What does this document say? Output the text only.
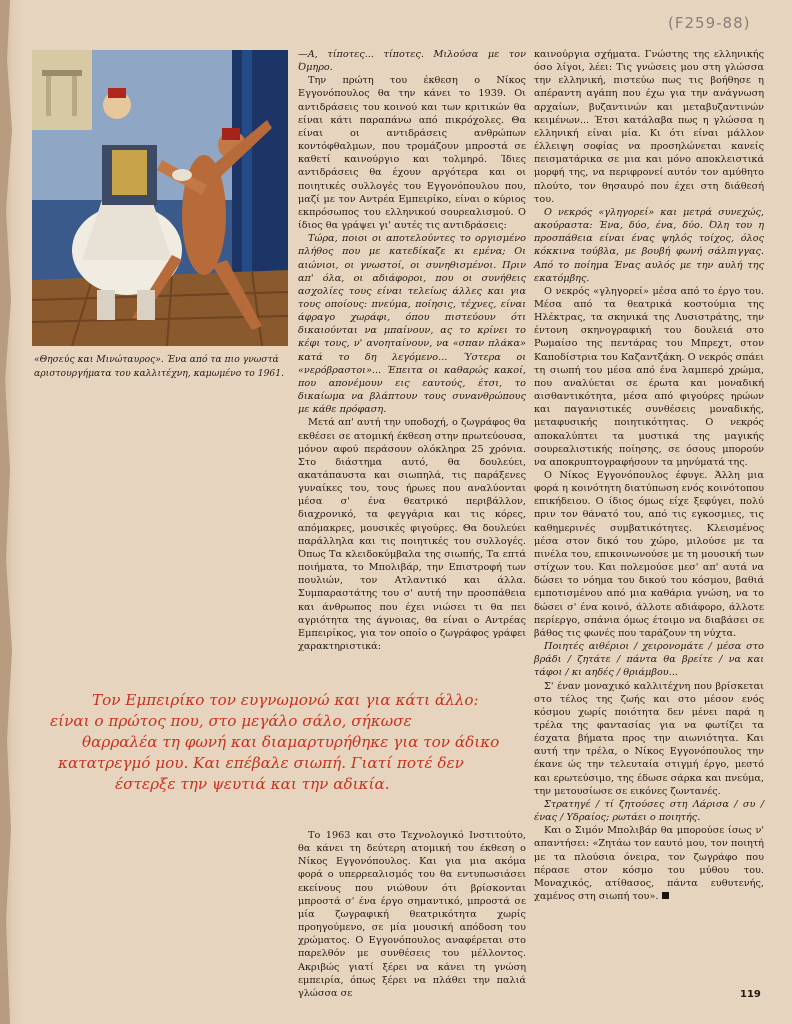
(F259-88)
«Θησεύς και Μινώταυρος». Ένα από τα πιο γνωστά αριστουργήματα του καλλιτέχνη, καμωμένο το 1961.

—Α, τίποτες... τίποτες. Μιλούσα με τον Όμηρο.

Την πρώτη του έκθεση ο Νίκος Εγγονόπουλος θα την κάνει το 1939. Οι αντιδράσεις του κοινού και των κριτικών θα είναι κάτι παραπάνω από πικρόχολες. Θα είναι οι αντιδράσεις ανθρώπων κοντόφθαλμων, που τρομάζουν μπροστά σε καθετί καινούργιο και τολμηρό. Ίδιες αντιδράσεις θα έχουν αργότερα και οι ποιητικές συλλογές του Εγγονόπουλου που, μαζί με τον Αντρέα Εμπειρίκο, είναι ο κύριος εκπρόσωπος του ελληνικού σουρεαλισμού. Ο ίδιος θα γράψει γι' αυτές τις αντιδράσεις:

Τώρα, ποιοι οι αποτελούντες το οργισμένο πλήθος που με κατεδίκαζε κι εμένα; Οι αιώνιοι, οι γνωστοί, οι συνηθισμένοι. Πριν απ' όλα, οι αδιάφοροι, που οι συνήθεις ασχολίες τους είναι τελείως άλλες και για τους οποίους: πνεύμα, ποίησις, τέχνες, είναι άφραγο χωράφι, όπου πιστεύουν ότι δικαιούνται να μπαίνουν, ας το κρίνει το κέφι τους, ν' αvοηταίνουν, να «σπαν πλάκα» κατά το δη λεγόμενο... Ύστερα οι «νερόβραστοι»... Έπειτα οι καθαρώς κακοί, που απονέμουν εις εαυτούς, έτσι, το δικαίωμα να βλάπτουν τους συνανθρώπους με κάθε πρόφαση.

Μετά απ' αυτή την υποδοχή, ο ζωγράφος θα εκθέσει σε ατομική έκθεση στην πρωτεύουσα, μόνον αφού περάσουν ολόκληρα 25 χρόνια. Στο διάστημα αυτό, θα δουλεύει, ακατάπαυστα και σιωπηλά, τις παράξενες γυναίκες του, τους ήρωες που αναλύονται μέσα σ' ένα θεατρικό περιβάλλον, διαχρονικό, τα φεγγάρια και τις κόρες, απόμακρες, μουσικές φιγούρες. Θα δουλεύει παράλληλα και τις ποιητικές του συλλογές. Όπως Τα κλειδοκύμβαλα της σιωπής, Τα επτά ποιήματα, το Μπολιβάρ, την Επιστροφή των πουλιών, τον Ατλαντικό και άλλα. Συμπαραστάτης του σ' αυτή την προσπάθεια και άνθρωπος που έχει νιώσει τι θα πει αγριότητα της άγνοιας, θα είναι ο Αντρέας Εμπειρίκος, για τον οποίο ο ζωγράφος γράφει χαρακτηριστικά:

Τον Εμπειρίκο τον ευγνωμονώ και για κάτι άλλο:
είναι ο πρώτος που, στο μεγάλο σάλο, σήκωσε
θαρραλέα τη φωνή και διαμαρτυρήθηκε για τον άδικο
κατατρεγμό μου. Και επέβαλε σιωπή. Γιατί ποτέ δεν
έστερξε την ψευτιά και την αδικία.

Το 1963 και στο Τεχνολογικό Ινστιτούτο, θα κάνει τη δεύτερη ατομική του έκθεση ο Νίκος Εγγονόπουλος. Και για μια ακόμα φορά ο υπερρεαλισμός του θα εντυπωσιάσει εκείνους που νιώθουν ότι βρίσκονται μπροστά σ' ένα έργο σημαντικό, μπροστά σε μία ζωγραφική θεατρικότητα χωρίς προηγούμενο, σε μία μουσική απόδοση του χρώματος. Ο Εγγονόπουλος αναφέρεται στο παρελθόν με συνθέσεις του μέλλοντος. Ακριβώς γιατί ξέρει να κάνει τη γνώση εμπειρία, όπως ξέρει να πλάθει την παλιά γλώσσα σε

καινούργια σχήματα. Γνώστης της ελληνικής όσο λίγοι, λέει: Τις γνώσεις μου στη γλώσσα την ελληνική, πιστεύω πως τις βοήθησε η απέραντη αγάπη που έχω για την ανάγνωση αρχαίων, βυζαντινών και μεταβυζαντινών κειμένων... Έτσι κατάλαβα πως η γλώσσα η ελληνική είναι μία. Κι ότι είναι μάλλον έλλειψη σοφίας να προσηλώνεται κανείς πεισματάρικα σε μια και μόνο αποκλειστικά μορφή της, να περιφρονεί αυτόν τον αμύθητο πλούτο, τον θησαυρό που έχει στη διάθεσή του.

Ο νεκρός «γληγορεί» και μετρά συνεχώς, ακούραστα: Ένα, δύο, ένα, δύο. Όλη του η προσπάθεια είναι ένας ψηλός τοίχος, όλος κόκκινα τούβλα, με βουβή φωνή σάλπιγγας. Από το ποίημα Ένας αυλός με την αυλή της εκατόμβης.

Ο νεκρός «γληγορεί» μέσα από το έργο του. Μέσα από τα θεατρικά κοστούμια της Ηλέκτρας, τα σκηνικά της Λυσιστράτης, την έντονη σκηνογραφική του δουλειά στο Ρωμαίσο της πεντάρας του Μπρεχτ, στον Καποδίστρια του Καζαντζάκη. Ο νεκρός σπάει τη σιωπή του μέσα από ένα λαμπερό χρώμα, που αναλύεται σε έρωτα και μοναδική αισθαντικότητα, μέσα από φιγούρες ηρώων και παγανιστικές συνθέσεις μοναδικής, μεταφυσικής ποιητικότητας. Ο νεκρός αποκαλύπτει τα μυστικά της μαγικής σουρεαλιστικής ποίησης, σε όσους μπορούν να αποκρυπτογραφήσουν τα μηνύματά της.

Ο Νίκος Εγγονόπουλος έφυγε. Άλλη μια φορά η κοινότητη διατύπωση ενός κοινότοπου επικήδειου. Ο ίδιος όμως είχε ξεφύγει, πολύ πριν τον θάνατό του, από τις εγκοσμιες, τις καθημερινές συμβατικότητες. Κλεισμένος μέσα στον δικό του χώρο, μιλούσε με τα πινέλα του, επικοινωνούσε με τη μουσική των στίχων του. Και πολεμούσε μεσ' απ' αυτά να δώσει το νόημα του δικού του κόσμου, βαθιά εμποτισμένου από μια καθάρια γνώση, να το δώσει σ' ένα κοινό, άλλοτε αδιάφορο, άλλοτε περίεργο, σπάνια όμως έτοιμο να διαβάσει σε βάθος τις φωνές που ταράζουν τη νύχτα.

Ποιητές αιθέριοι / χειρονομάτε / μέσα στο βράδι / ζητάτε / πάντα θα βρείτε / να και τάφοι / κι αηδές / θριάμβου...

Σ' έναν μοναχικό καλλιτέχνη που βρίσκεται στο τέλος της ζωής και στο μέσον ενός κόσμου χωρίς ποιότητα δεν μένει παρά η τρέλα της φαντασίας για να φωτίζει τα έσχατα βήματα προς την αιωνιότητα. Και αυτή την τρέλα, ο Νίκος Εγγονόπουλος την έκανε ώς την τελευταία στιγμή έργο, μεστό και ερωτεύσιμο, της έδωσε σάρκα και πνεύμα, την μετουσίωσε σε εικόνες ζωντανές.

Στρατηγέ / τί ζητούσες στη Λάρισα / συ / ένας / Υδραίος; ρωτάει ο ποιητής.

Και ο Σιμόν Μπολιβάρ θα μπορούσε ίσως ν' απαντήσει: «Ζητάω τον εαυτό μου, τον ποιητή με τα πλούσια όνειρα, τον ζωγράφο που πέρασε στον κόσμο του μύθου του. Μοναχικός, ατίθασος, πάντα ευθυτενής, χαμένος στη σιωπή του».

119
